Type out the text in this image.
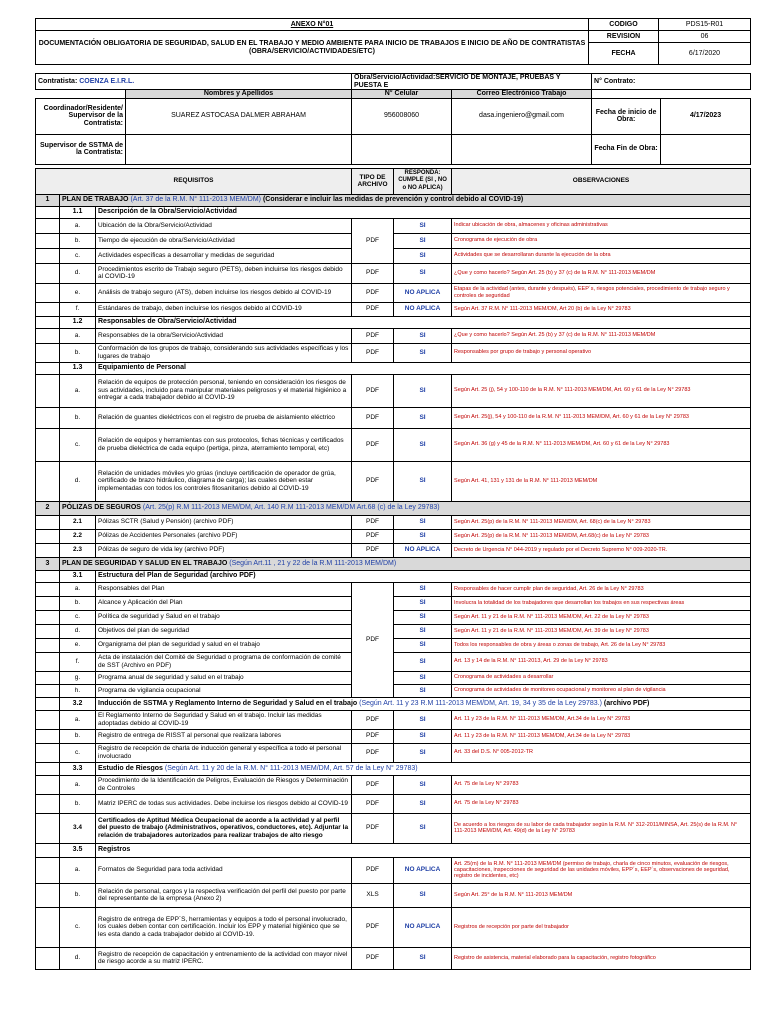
ANEXO N°01	CODIGO	PDS15-R01
DOCUMENTACIÓN OBLIGATORIA DE SEGURIDAD, SALUD EN EL TRABAJO Y MEDIO AMBIENTE PARA INICIO DE TRABAJOS E INICIO DE AÑO DE CONTRATISTAS (OBRA/SERVICIO/ACTIVIDADES/ETC)	REVISION	06
	FECHA	6/17/2020
Contratista: COENZA E.I.R.L.		Obra/Servicio/Actividad:SERVICIO DE MONTAJE, PRUEBAS Y PUESTA E		N° Contrato:	
	Nombres y Apellidos	N° Celular	Correo Electrónico Trabajo		
Coordinador/Residente/ Supervisor de la Contratista:	SUAREZ ASTOCASA DALMER ABRAHAM	956008060	dasa.ingeniero@gmail.com	Fecha de inicio de Obra:	4/17/2023
Supervisor de SSTMA de la Contratista:				Fecha Fin de Obra:	
REQUISITOS			TIPO DE ARCHIVO	RESPONDA: CUMPLE (SI , NO o NO APLICA)	OBSERVACIONES
1	PLAN DE TRABAJO (Art. 37 de la R.M. N° 111-2013 MEM/DM) (Considerar e incluir las medidas de prevención y control debido al COVID-19)				
	1.1	Descripción de la Obra/Servicio/Actividad			
	a.	Ubicación de la Obra/Servicio/Actividad	PDF	SI	Indicar ubicación de obra, almacenes y oficinas administrativas
	b.	Tiempo de ejecución de obra/Servicio/Actividad		SI	Cronograma de ejecución de obra
	c.	Actividades específicas a desarrollar y medidas de seguridad		SI	Actividades que se desarrollaran durante la ejecución de la obra
	d.	Procedimientos escrito de Trabajo seguro (PETS), deben incluirse los riesgos debido al COVID-19	PDF	SI	¿Que y como hacerlo? Según Art. 25 (b) y 37 (c) de la R.M. N° 111-2013 MEM/DM
	e.	Análisis de trabajo seguro (ATS), deben incluirse los riesgos debido al COVID-19	PDF	NO APLICA	Etapas de la actividad (antes, durante y después), EEP´s, riesgos potenciales, procedimiento de trabajo seguro y controles de seguridad
	f.	Estándares de trabajo, deben incluirse los riesgos debido al COVID-19	PDF	NO APLICA	Según Art. 37 R.M. N° 111-2013 MEM/DM, Art 20 (b) de la Ley N° 29783
	1.2	Responsables de Obra/Servicio/Actividad			
	a.	Responsables de la obra/Servicio/Actividad	PDF	SI	¿Que y como hacerlo? Según Art. 25 (b) y 37 (c) de la R.M. N° 111-2013 MEM/DM
	b.	Conformación de los grupos de trabajo, considerando sus actividades específicas y los lugares de trabajo	PDF	SI	Responsables por grupo de trabajo y personal operativo
	1.3	Equipamiento de Personal			
	a.	Relación de equipos de protección personal, teniendo en consideración los riesgos de sus actividades, incluido para manipular materiales peligrosos y el material higiénico a entregar a cada trabajador debido al COVID-19	PDF	SI	Según Art. 25 (j), 54 y 100-110 de la R.M. N° 111-2013 MEM/DM, Art. 60 y 61 de la Ley N° 29783
	b.	Relación de guantes dieléctricos con el registro de prueba de aislamiento eléctrico	PDF	SI	Según Art. 25(j), 54 y 100-110 de la R.M. N° 111-2013 MEM/DM, Art. 60 y 61 de la Ley N° 29783
	c.	Relación de equipos y herramientas con sus protocolos, fichas técnicas y certificados de prueba dieléctrica de cada equipo (pertiga, pinza, aterramiento temporal, etc)	PDF	SI	Según Art. 36 (g) y 45 de la R.M. N° 111-2013 MEM/DM, Art. 60 y 61 de la Ley N° 29783
	d.	Relación de unidades móviles y/o grúas (incluye certificación de operador de grúa, certificado de brazo hidráulico, diagrama de carga); las cuales deben estar implementadas con todos los controles fitosanitarios debido al COVID-19	PDF	SI	Según Art. 41, 131 y 131 de la R.M. N° 111-2013 MEM/DM
2	PÓLIZAS DE SEGUROS (Art. 25(p) R.M 111-2013 MEM/DM, Art. 140 R.M 111-2013 MEM/DM Art.68 (c) de la Ley 29783)				
	2.1	Pólizas SCTR (Salud y Pensión) (archivo PDF)	PDF	SI	Según Art. 25(p) de la R.M. N° 111-2013 MEM/DM, Art. 68(c) de la Ley N° 29783
	2.2	Pólizas de Accidentes Personales (archivo PDF)	PDF	SI	Según Art. 25(p) de la R.M. N° 111-2013 MEM/DM, Art.68(c) de la Ley N° 29783
	2.3	Pólizas de seguro de vida ley (archivo PDF)	PDF	NO APLICA	Decreto de Urgencia N° 044-2019 y regulado por el Decreto Supremo N° 009-2020-TR.
3	PLAN DE SEGURIDAD Y SALUD EN EL TRABAJO (Según Art.11 , 21 y 22 de la R.M 111-2013 MEM/DM)				
	3.1	Estructura del Plan de Seguridad (archivo PDF)			
	a.	Responsables del Plan	PDF	SI	Responsables de hacer cumplir plan de seguridad, Art. 26 de la Ley N° 29783
	b.	Alcance y Aplicación del Plan		SI	Involucra la totalidad de los trabajadores que desarrollan los trabajos en sus respectivas áreas
	c.	Política de seguridad y Salud en el trabajo		SI	Según Art. 11 y 21 de la R.M. N° 111-2013 MEM/DM, Art. 22 de la Ley N° 29783
	d.	Objetivos del plan de seguridad		SI	Según Art. 11 y 21 de la R.M. N° 111-2013 MEM/DM, Art. 39 de la Ley N° 29783
	e.	Organigrama del plan de seguridad y salud en el trabajo		SI	Todos los responsables de obra y áreas o zonas de trabajo, Art. 26 de la Ley N° 29783
	f.	Acta de instalación del Comité de Seguridad o programa de conformación de comité de SST (Archivo en PDF)		SI	Art. 13 y 14 de la R.M. N° 111-2013, Art. 29 de la Ley N° 29783
	g.	Programa anual de seguridad y salud en el trabajo		SI	Cronograma de actividades a desarrollar
	h.	Programa de vigilancia ocupacional		SI	Cronograma de actividades de monitoreo ocupacional y monitoreo al plan de vigilancia
	3.2	Inducción de SSTMA y Reglamento Interno de Seguridad y Salud en el trabajo (Según Art. 11 y 23 R.M 111-2013 MEM/DM, Art. 19, 34 y 35 de la Ley 29783.) (archivo PDF)			
	a.	El Reglamento Interno de Seguridad y Salud en el trabajo. Incluir las medidas adoptadas debido al COVID-19	PDF	SI	Art. 11 y 23 de la R.M. N° 111-2013 MEM/DM, Art.34 de la Ley N° 29783
	b.	Registro de entrega de RISST al personal que realizara labores	PDF	SI	Art. 11 y 23 de la R.M. N° 111-2013 MEM/DM, Art.34 de la Ley N° 29783
	c.	Registro de recepción de charla de inducción general y específica a todo el personal involucrado	PDF	SI	Art. 33 del D.S. N° 005-2012-TR
	3.3	Estudio de Riesgos (Según Art. 11 y 20 de la R.M. N° 111-2013 MEM/DM, Art. 57 de la Ley N° 29783)			
	a.	Procedimiento de la Identificación de Peligros, Evaluación de Riesgos y Determinación de Controles	PDF	SI	Art. 75 de la Ley N° 29783
	b.	Matriz IPERC de todas sus actividades. Debe incluirse los riesgos debido al COVID-19	PDF	SI	Art. 75 de la Ley N° 29783
	3.4	Certificados de Aptitud Médica Ocupacional de acorde a la actividad y al perfil del puesto de trabajo (Administrativos, operativos, conductores, etc). Adjuntar la relación de trabajadores autorizados para realizar trabajos de alto riesgo	PDF	SI	De acuerdo a los riesgos de su labor de cada trabajador según la R.M. N° 312-2011/MINSA, Art. 25(s) de la R.M. N° 111-2013 MEM/DM, Art. 49(d) de la Ley N° 29783
	3.5	Registros			
	a.	Formatos de Seguridad para toda actividad	PDF	NO APLICA	Art. 25(m) de la R.M. N° 111-2013 MEM/DM (permiso de trabajo, charla de cinco minutos, evaluación de riesgos, capacitaciones, inspecciones de seguridad de las unidades móviles, EPP´s, EEP´s, observaciones de seguridad, registro de incidentes, etc)
	b.	Relación de personal, cargos y la respectiva verificación del perfil del puesto por parte del representante de la empresa (Anexo 2)	XLS	SI	Según Art. 25° de la R.M. N° 111-2013 MEM/DM
	c.	Registro de entrega de EPP´S, herramientas y equipos a todo el personal involucrado, los cuales deben contar con certificación. Incluir los EPP y material higiénico que se les esta dando a cada trabajador debido al COVID-19.	PDF	NO APLICA	Registros de recepción por parte del trabajador
	d.	Registro de recepción de capacitación y entrenamiento de la actividad con mayor nivel de riesgo acorde a su matriz IPERC.	PDF	SI	Registro de asistencia, material elaborado para la capacitación, registro fotográfico
